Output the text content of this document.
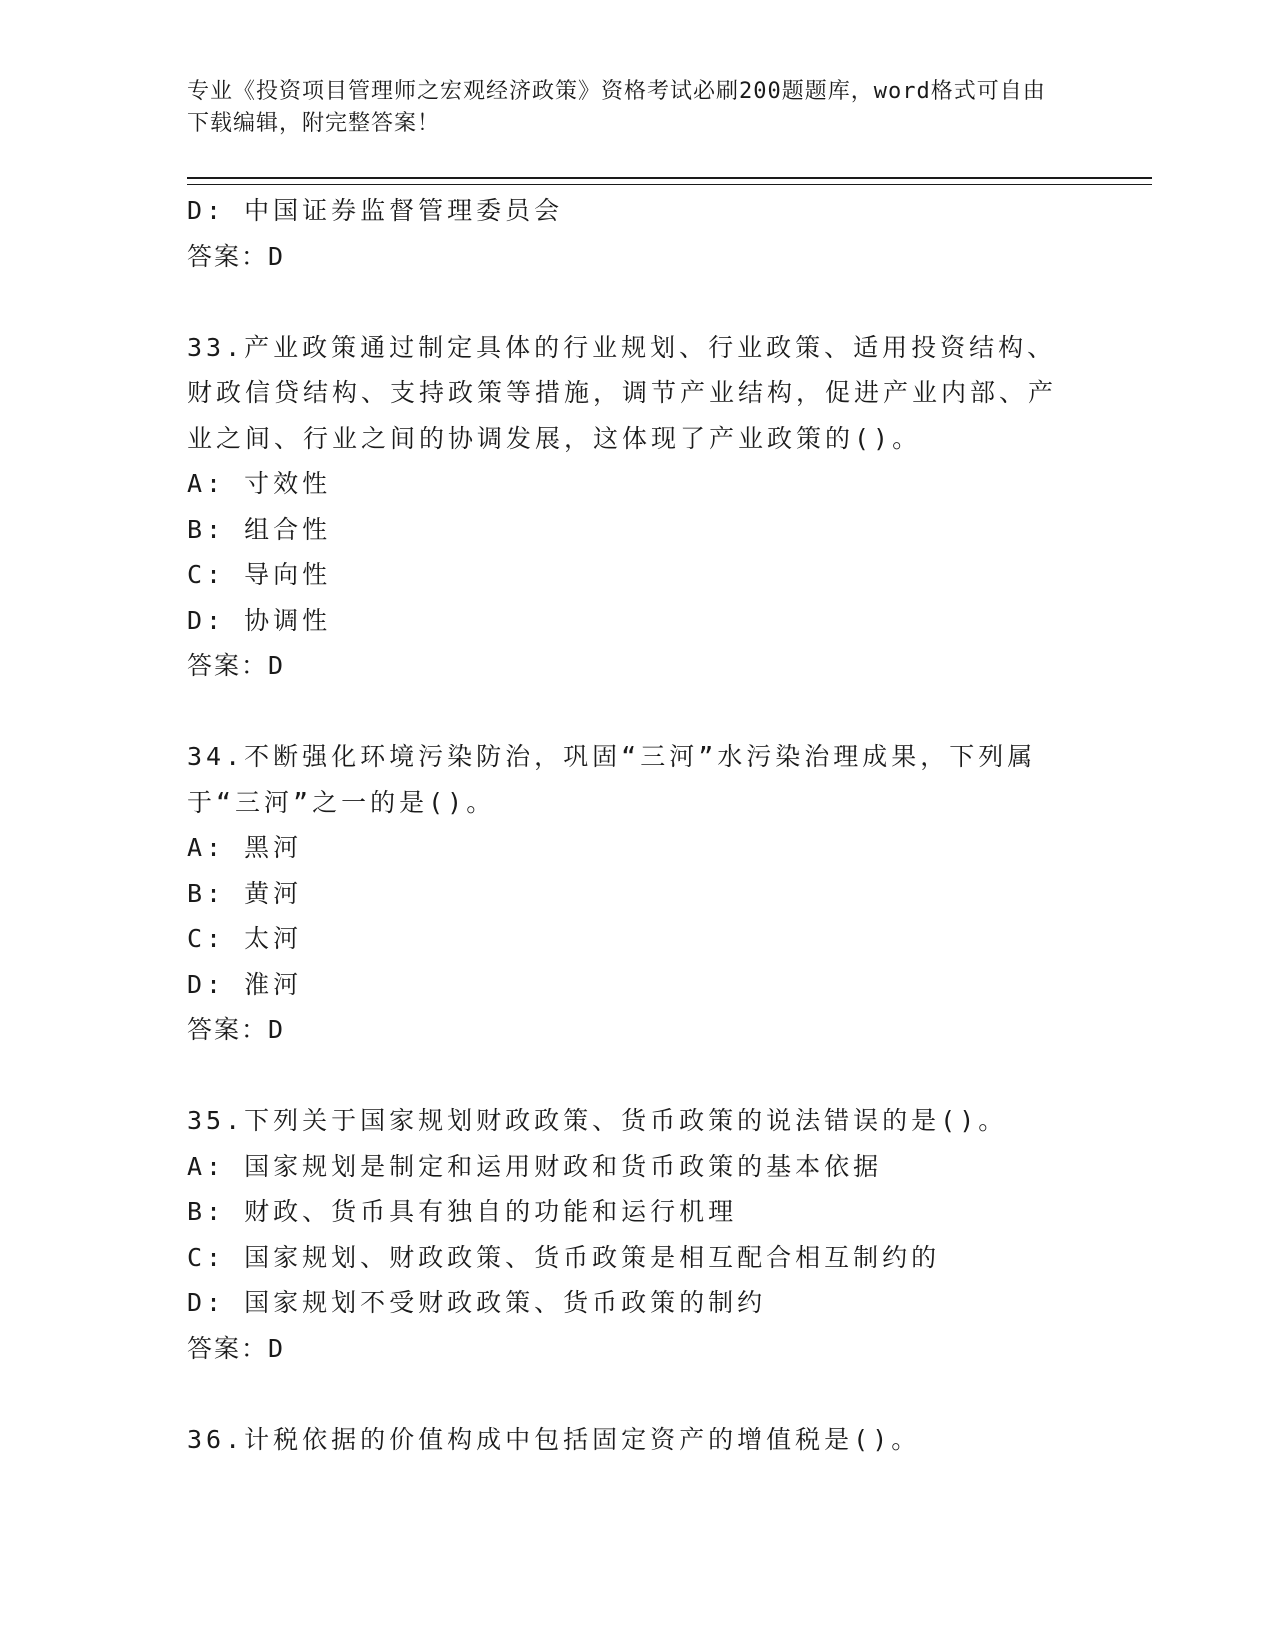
专业《投资项目管理师之宏观经济政策》资格考试必刷200题题库，word格式可自由下载编辑，附完整答案！
D: 中国证券监督管理委员会
答案：D
33.产业政策通过制定具体的行业规划、行业政策、适用投资结构、财政信贷结构、支持政策等措施，调节产业结构，促进产业内部、产业之间、行业之间的协调发展，这体现了产业政策的()。
A: 寸效性
B: 组合性
C: 导向性
D: 协调性
答案：D
34.不断强化环境污染防治，巩固“三河”水污染治理成果，下列属于“三河”之一的是()。
A: 黑河
B: 黄河
C: 太河
D: 淮河
答案：D
35.下列关于国家规划财政政策、货币政策的说法错误的是()。
A: 国家规划是制定和运用财政和货币政策的基本依据
B: 财政、货币具有独自的功能和运行机理
C: 国家规划、财政政策、货币政策是相互配合相互制约的
D: 国家规划不受财政政策、货币政策的制约
答案：D
36.计税依据的价值构成中包括固定资产的增值税是()。
